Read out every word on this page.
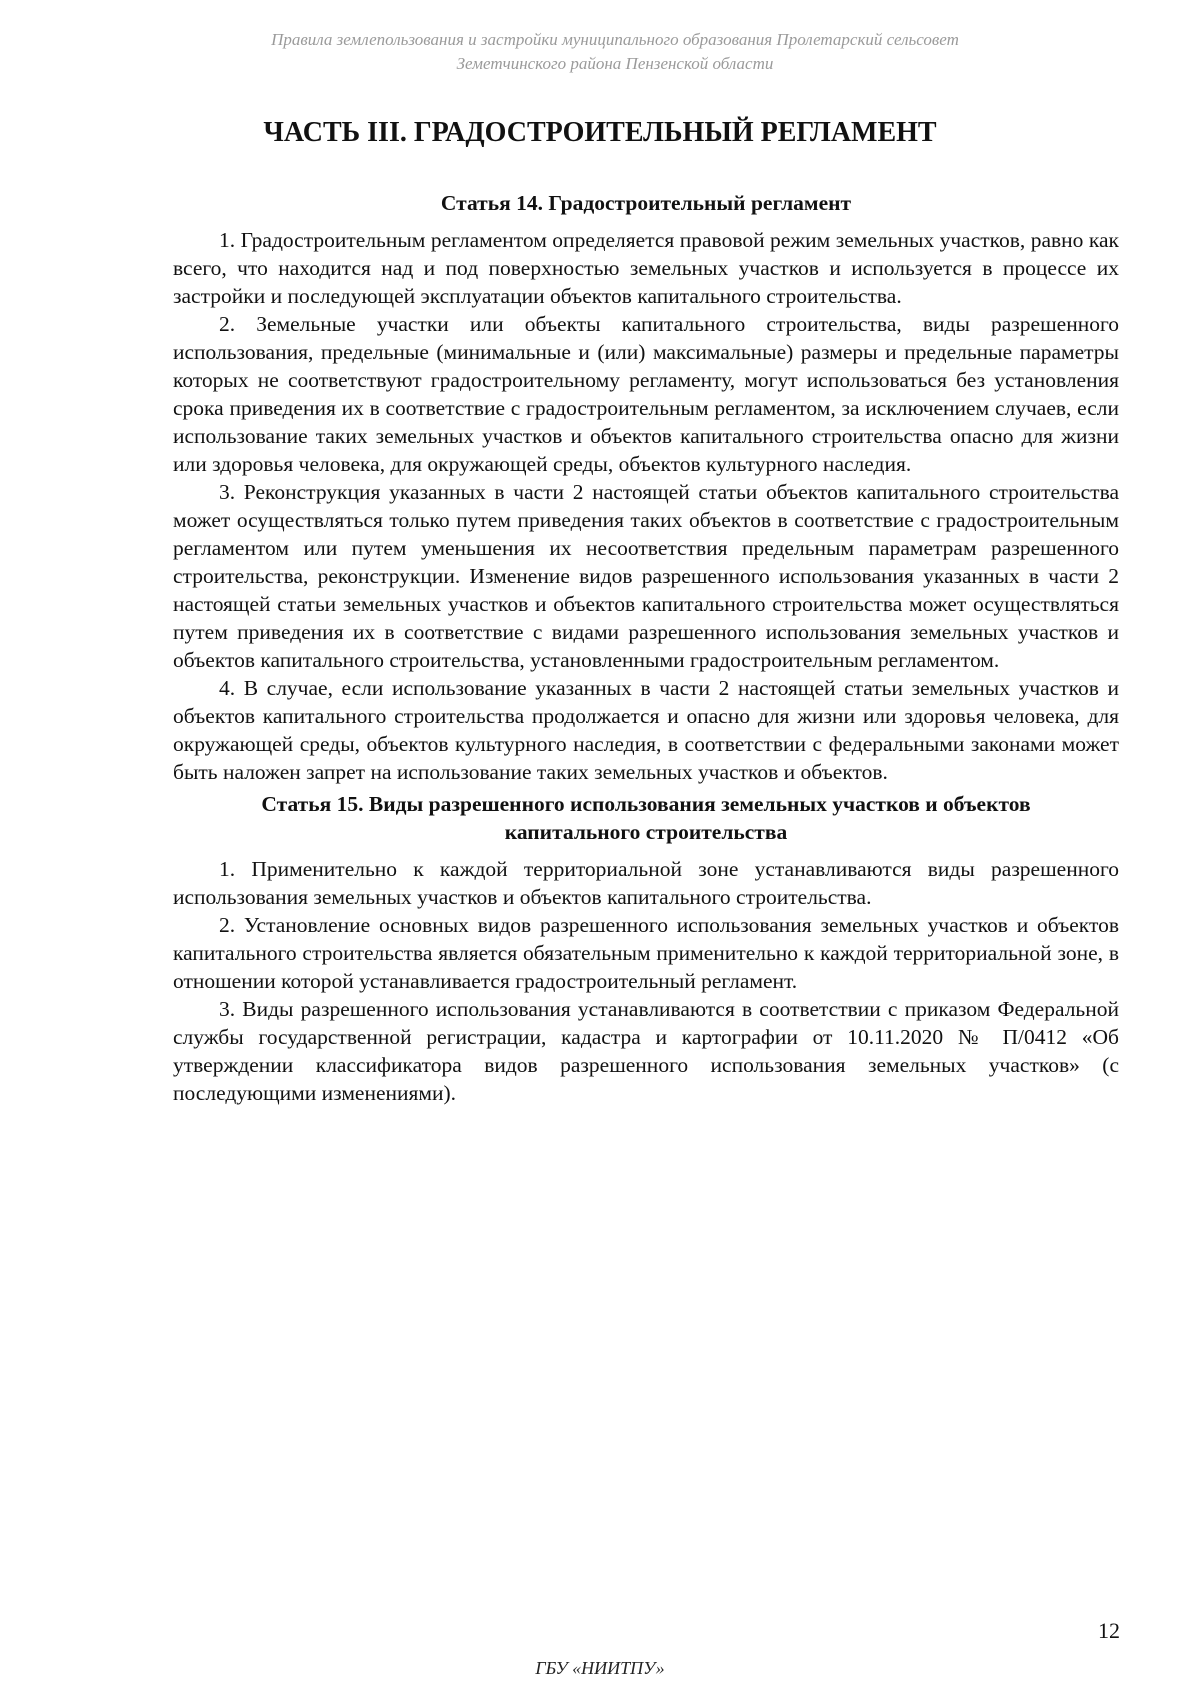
Правила землепользования и застройки муниципального образования Пролетарский сельсовет
Земетчинского района Пензенской области
ЧАСТЬ III. ГРАДОСТРОИТЕЛЬНЫЙ РЕГЛАМЕНТ

Статья 14. Градостроительный регламент

1. Градостроительным регламентом определяется правовой режим земельных участков, равно как всего, что находится над и под поверхностью земельных участков и используется в процессе их застройки и последующей эксплуатации объектов капитального строительства.

2. Земельные участки или объекты капитального строительства, виды разрешенного использования, предельные (минимальные и (или) максимальные) размеры и предельные параметры которых не соответствуют градостроительному регламенту, могут использоваться без установления срока приведения их в соответствие с градостроительным регламентом, за исключением случаев, если использование таких земельных участков и объектов капитального строительства опасно для жизни или здоровья человека, для окружающей среды, объектов культурного наследия.

3. Реконструкция указанных в части 2 настоящей статьи объектов капитального строительства может осуществляться только путем приведения таких объектов в соответствие с градостроительным регламентом или путем уменьшения их несоответствия предельным параметрам разрешенного строительства, реконструкции. Изменение видов разрешенного использования указанных в части 2 настоящей статьи земельных участков и объектов капитального строительства может осуществляться путем приведения их в соответствие с видами разрешенного использования земельных участков и объектов капитального строительства, установленными градостроительным регламентом.

4. В случае, если использование указанных в части 2 настоящей статьи земельных участков и объектов капитального строительства продолжается и опасно для жизни или здоровья человека, для окружающей среды, объектов культурного наследия, в соответствии с федеральными законами может быть наложен запрет на использование таких земельных участков и объектов.

Статья 15. Виды разрешенного использования земельных участков и объектов
капитального строительства

1. Применительно к каждой территориальной зоне устанавливаются виды разрешенного использования земельных участков и объектов капитального строительства.

2. Установление основных видов разрешенного использования земельных участков и объектов капитального строительства является обязательным применительно к каждой территориальной зоне, в отношении которой устанавливается градостроительный регламент.

3. Виды разрешенного использования устанавливаются в соответствии с приказом Федеральной службы государственной регистрации, кадастра и картографии от 10.11.2020 № П/0412 «Об утверждении классификатора видов разрешенного использования земельных участков» (с последующими изменениями).

12
ГБУ «НИИТПУ»
